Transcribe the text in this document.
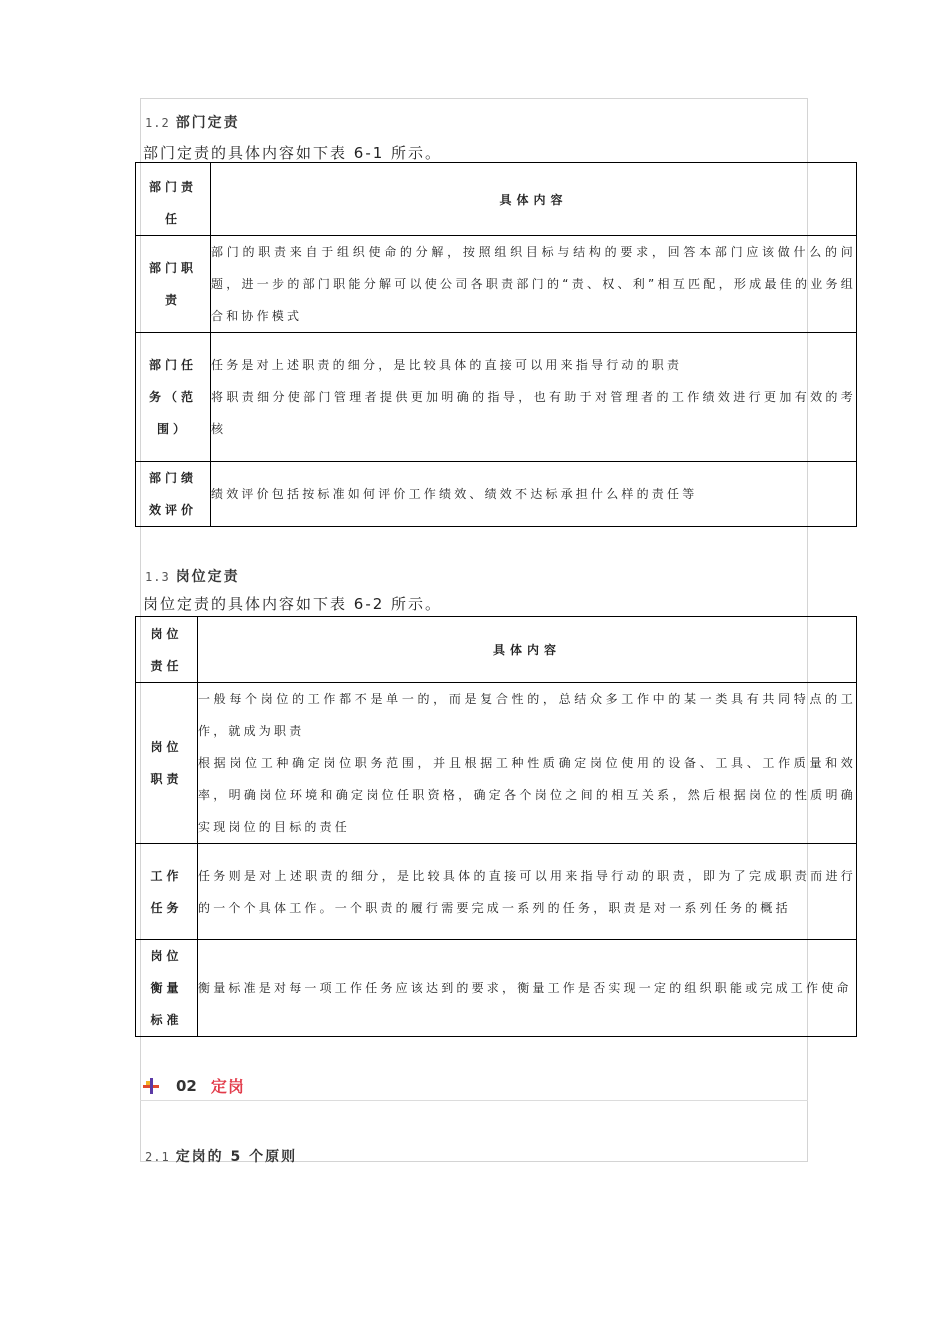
1.2 部门定责
部门定责的具体内容如下表 6-1 所示。
部门责任	具体内容

部门职责	部门的职责来自于组织使命的分解，按照组织目标与结构的要求，回答本部门应该做什么的问题，进一步的部门职能分解可以使公司各职责部门的“责、权、利”相互匹配，形成最佳的业务组合和协作模式

部门任务（范围）	任务是对上述职责的细分，是比较具体的直接可以用来指导行动的职责

将职责细分使部门管理者提供更加明确的指导，也有助于对管理者的工作绩效进行更加有效的考核

部门绩效评价	绩效评价包括按标准如何评价工作绩效、绩效不达标承担什么样的责任等

1.3 岗位定责
岗位定责的具体内容如下表 6-2 所示。
岗位责任	具体内容

岗位职责	一般每个岗位的工作都不是单一的，而是复合性的，总结众多工作中的某一类具有共同特点的工作，就成为职责

根据岗位工种确定岗位职务范围，并且根据工种性质确定岗位使用的设备、工具、工作质量和效率，明确岗位环境和确定岗位任职资格，确定各个岗位之间的相互关系，然后根据岗位的性质明确实现岗位的目标的责任

工作任务	任务则是对上述职责的细分，是比较具体的直接可以用来指导行动的职责，即为了完成职责而进行的一个个具体工作。一个职责的履行需要完成一系列的任务，职责是对一系列任务的概括

岗位衡量标准	衡量标准是对每一项工作任务应该达到的要求，衡量工作是否实现一定的组织职能或完成工作使命

02 定岗
2.1 定岗的 5 个原则
